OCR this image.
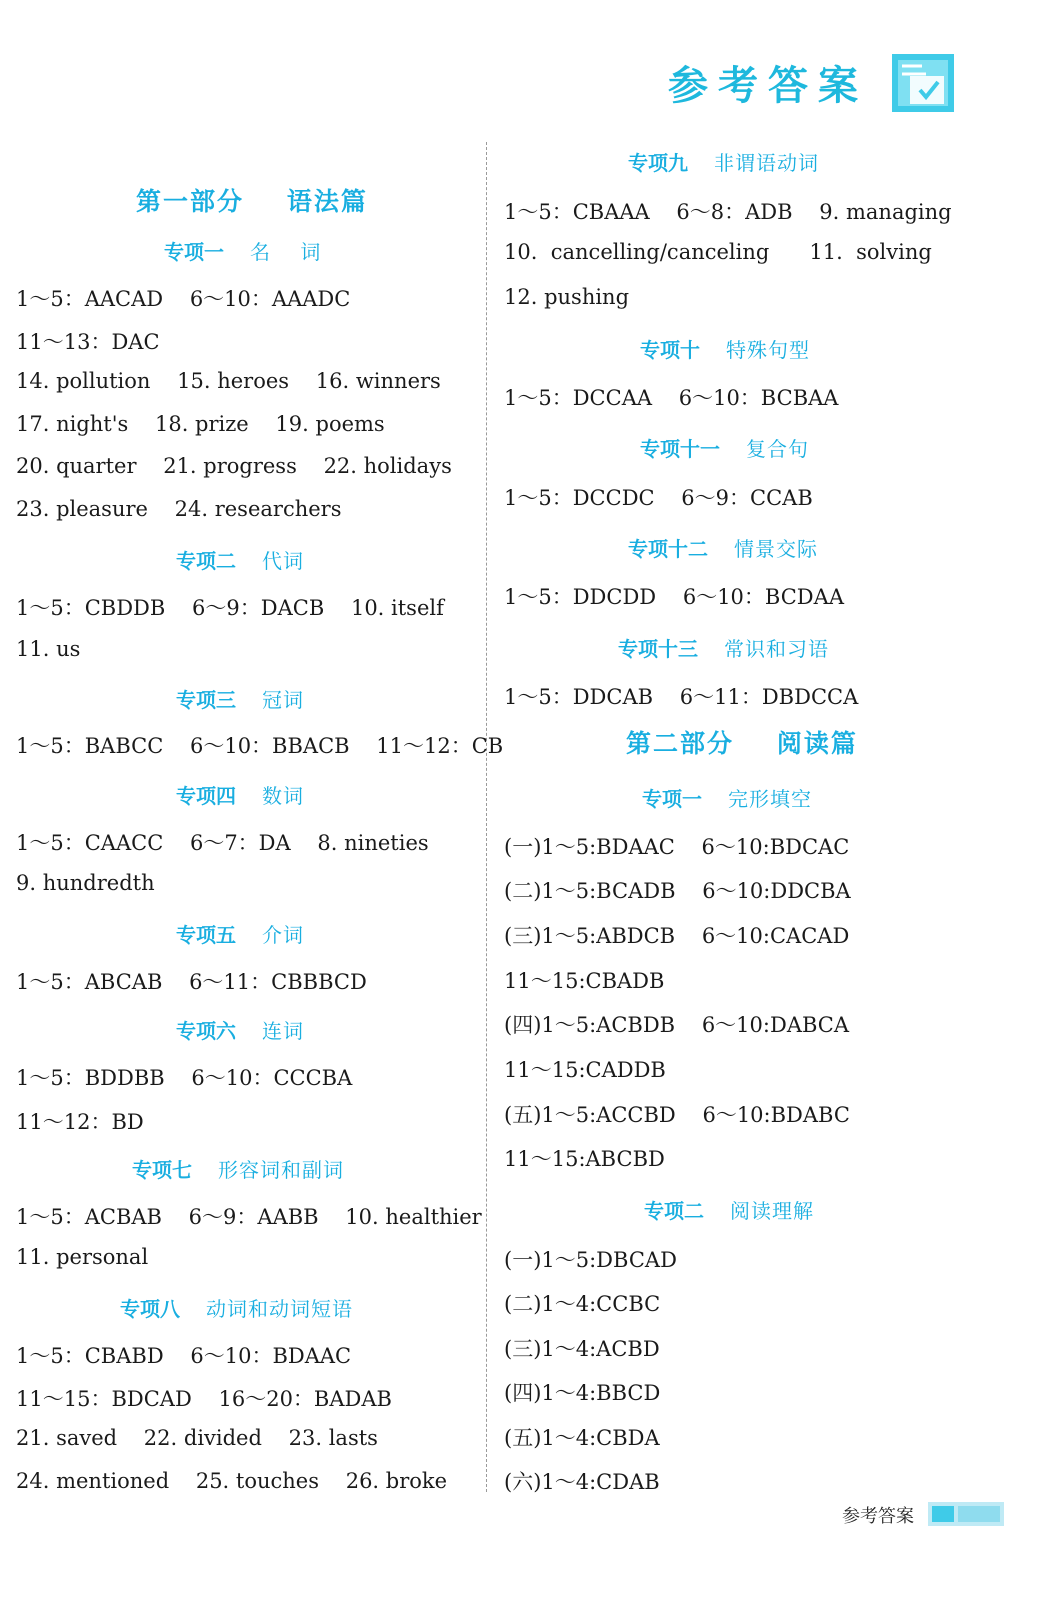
参考答案
第一部分    语法篇
专项一 名    词
1～5：AACAD    6～10：AAADC
11～13：DAC
14. pollution    15. heroes    16. winners
17. night's    18. prize    19. poems
20. quarter    21. progress    22. holidays
23. pleasure    24. researchers
专项二 代词
1～5：CBDDB    6～9：DACB    10. itself
11. us
专项三 冠词
1～5：BABCC    6～10：BBACB    11～12：CB
专项四 数词
1～5：CAACC    6～7：DA    8. nineties
9. hundredth
专项五 介词
1～5：ABCAB    6～11：CBBBCD
专项六 连词
1～5：BDDBB    6～10：CCCBA
11～12：BD
专项七 形容词和副词
1～5：ACBAB    6～9：AABB    10. healthier
11. personal
专项八 动词和动词短语
1～5：CBABD    6～10：BDAAC
11～15：BDCAD    16～20：BADAB
21. saved    22. divided    23. lasts
24. mentioned    25. touches    26. broke
专项九 非谓语动词
1～5：CBAAA    6～8：ADB    9. managing
10.  cancelling/canceling      11.  solving
12. pushing
专项十 特殊句型
1～5：DCCAA    6～10：BCBAA
专项十一 复合句
1～5：DCCDC    6～9：CCAB
专项十二 情景交际
1～5：DDCDD    6～10：BCDAA
专项十三 常识和习语
1～5：DDCAB    6～11：DBDCCA
第二部分    阅读篇
专项一 完形填空
(一)1～5:BDAAC    6～10:BDCAC
(二)1～5:BCADB    6～10:DDCBA
(三)1～5:ABDCB    6～10:CACAD
11～15:CBADB
(四)1～5:ACBDB    6～10:DABCA
11～15:CADDB
(五)1～5:ACCBD    6～10:BDABC
11～15:ABCBD
专项二 阅读理解
(一)1～5:DBCAD
(二)1～4:CCBC
(三)1～4:ACBD
(四)1～4:BBCD
(五)1～4:CBDA
(六)1～4:CDAB
参考答案
